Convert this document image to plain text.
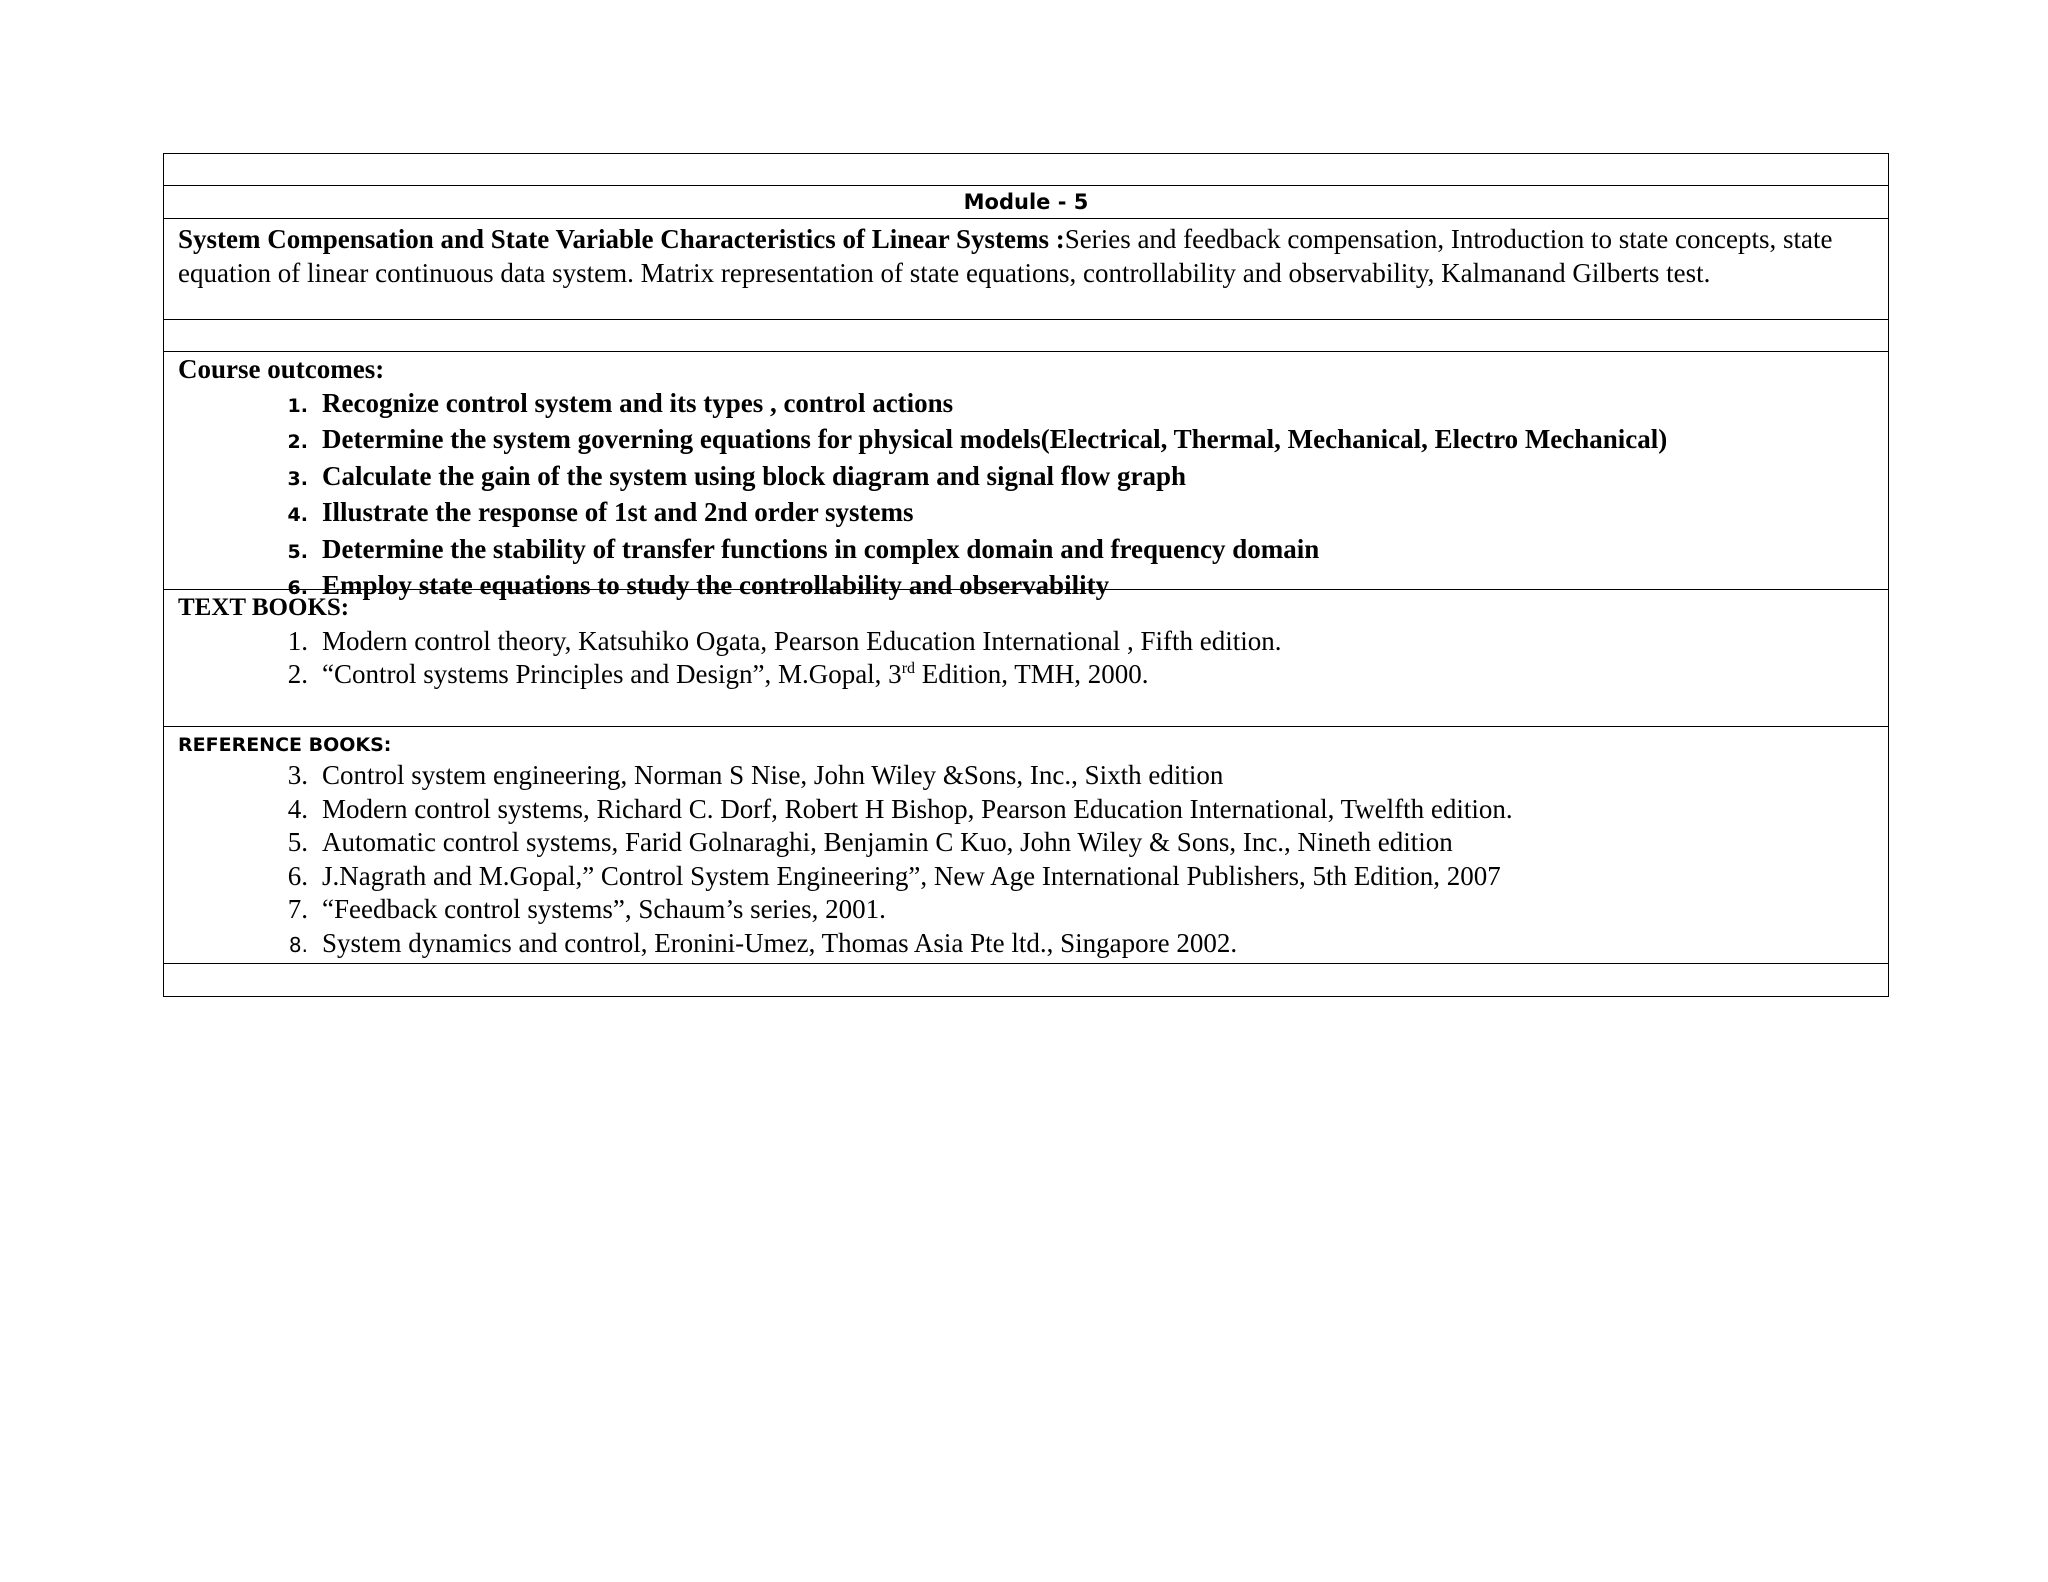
Module - 5
System Compensation and State Variable Characteristics of Linear Systems :Series and feedback compensation, Introduction to state concepts, state equation of linear continuous data system. Matrix representation of state equations, controllability and observability, Kalmanand Gilberts test.
Course outcomes:
1. Recognize control system and its types , control actions
2. Determine the system governing equations for physical models(Electrical, Thermal, Mechanical, Electro Mechanical)
3. Calculate the gain of the system using block diagram and signal flow graph
4. Illustrate the response of 1st and 2nd order systems
5. Determine the stability of transfer functions in complex domain and frequency domain
6. Employ state equations to study the controllability and observability
TEXT BOOKS:
1. Modern control theory, Katsuhiko Ogata, Pearson Education International , Fifth edition.
2. “Control systems Principles and Design”, M.Gopal, 3rd Edition, TMH, 2000.
REFERENCE BOOKS:
3. Control system engineering, Norman S Nise, John Wiley &Sons, Inc., Sixth edition
4. Modern control systems, Richard C. Dorf, Robert H Bishop, Pearson Education International, Twelfth edition.
5. Automatic control systems, Farid Golnaraghi, Benjamin C Kuo, John Wiley & Sons, Inc., Nineth edition
6. J.Nagrath and M.Gopal,” Control System Engineering”, New Age International Publishers, 5th Edition, 2007
7. “Feedback control systems”, Schaum’s series, 2001.
8. System dynamics and control, Eronini-Umez, Thomas Asia Pte ltd., Singapore 2002.
